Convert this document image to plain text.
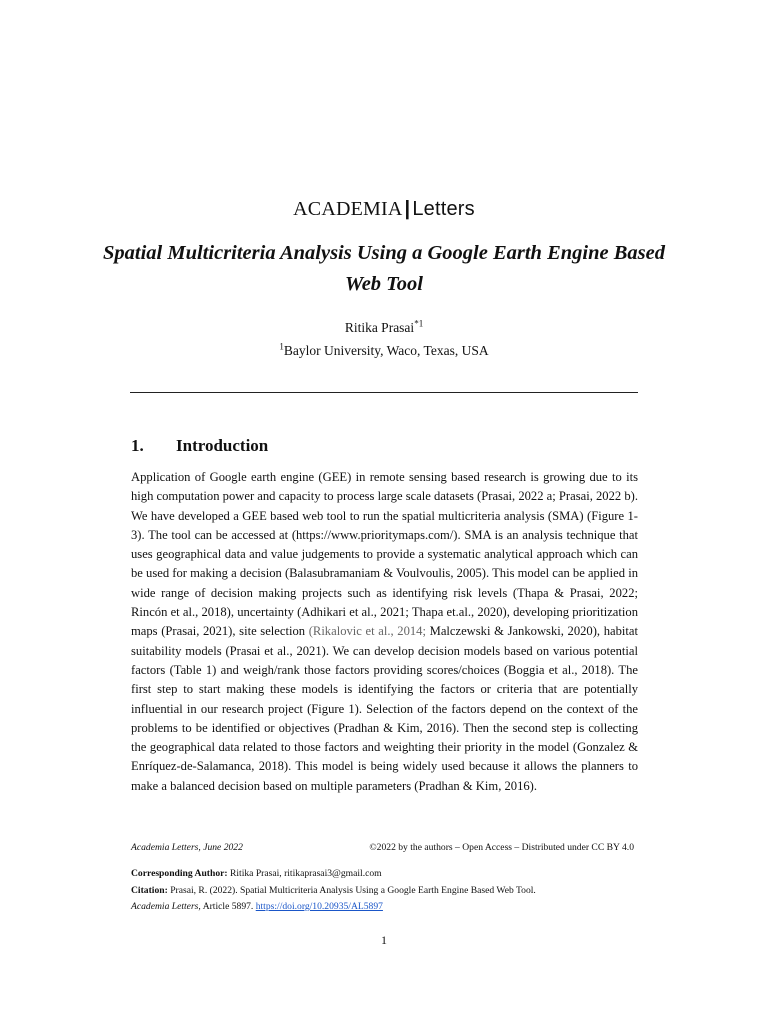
ACADEMIA | Letters
Spatial Multicriteria Analysis Using a Google Earth Engine Based Web Tool
Ritika Prasai$^{*1}$
$^1$Baylor University, Waco, Texas, USA
1. Introduction
Application of Google earth engine (GEE) in remote sensing based research is growing due to its high computation power and capacity to process large scale datasets (Prasai, 2022 a; Prasai, 2022 b). We have developed a GEE based web tool to run the spatial multicriteria analysis (SMA) (Figure 1-3). The tool can be accessed at (https://www.prioritymaps.com/). SMA is an analysis technique that uses geographical data and value judgements to provide a systematic analytical approach which can be used for making a decision (Balasubramaniam & Voulvoulis, 2005). This model can be applied in wide range of decision making projects such as identifying risk levels (Thapa & Prasai, 2022; Rincón et al., 2018), uncertainty (Adhikari et al., 2021; Thapa et.al., 2020), developing prioritization maps (Prasai, 2021), site selection (Rikalovic et al., 2014; Malczewski & Jankowski, 2020), habitat suitability models (Prasai et al., 2021). We can develop decision models based on various potential factors (Table 1) and weigh/rank those factors providing scores/choices (Boggia et al., 2018). The first step to start making these models is identifying the factors or criteria that are potentially influential in our research project (Figure 1). Selection of the factors depend on the context of the problems to be identified or objectives (Pradhan & Kim, 2016). Then the second step is collecting the geographical data related to those factors and weighting their priority in the model (Gonzalez & Enríquez-de-Salamanca, 2018). This model is being widely used because it allows the planners to make a balanced decision based on multiple parameters (Pradhan & Kim, 2016).
Academia Letters, June 2022	©2022 by the authors – Open Access – Distributed under CC BY 4.0
Corresponding Author: Ritika Prasai, ritikaprasai3@gmail.com
Citation: Prasai, R. (2022). Spatial Multicriteria Analysis Using a Google Earth Engine Based Web Tool.
Academia Letters, Article 5897. https://doi.org/10.20935/AL5897
1
